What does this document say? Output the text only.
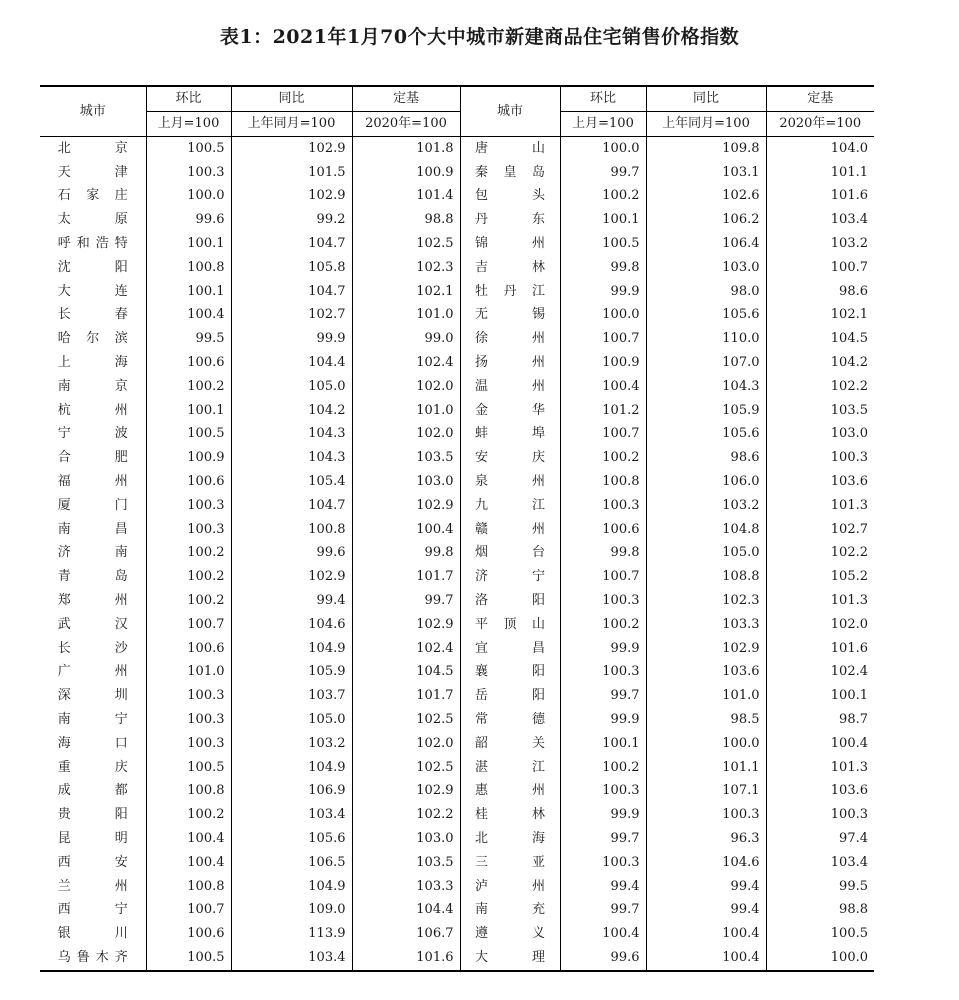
表1：2021年1月70个大中城市新建商品住宅销售价格指数
城市	环比	同比	定基	城市	环比	同比	定基
	上月=100	上年同月=100	2020年=100		上月=100	上年同月=100	2020年=100
北京	100.5	102.9	101.8	唐山	100.0	109.8	104.0
天津	100.3	101.5	100.9	秦皇岛	99.7	103.1	101.1
石家庄	100.0	102.9	101.4	包头	100.2	102.6	101.6
太原	99.6	99.2	98.8	丹东	100.1	106.2	103.4
呼和浩特	100.1	104.7	102.5	锦州	100.5	106.4	103.2
沈阳	100.8	105.8	102.3	吉林	99.8	103.0	100.7
大连	100.1	104.7	102.1	牡丹江	99.9	98.0	98.6
长春	100.4	102.7	101.0	无锡	100.0	105.6	102.1
哈尔滨	99.5	99.9	99.0	徐州	100.7	110.0	104.5
上海	100.6	104.4	102.4	扬州	100.9	107.0	104.2
南京	100.2	105.0	102.0	温州	100.4	104.3	102.2
杭州	100.1	104.2	101.0	金华	101.2	105.9	103.5
宁波	100.5	104.3	102.0	蚌埠	100.7	105.6	103.0
合肥	100.9	104.3	103.5	安庆	100.2	98.6	100.3
福州	100.6	105.4	103.0	泉州	100.8	106.0	103.6
厦门	100.3	104.7	102.9	九江	100.3	103.2	101.3
南昌	100.3	100.8	100.4	赣州	100.6	104.8	102.7
济南	100.2	99.6	99.8	烟台	99.8	105.0	102.2
青岛	100.2	102.9	101.7	济宁	100.7	108.8	105.2
郑州	100.2	99.4	99.7	洛阳	100.3	102.3	101.3
武汉	100.7	104.6	102.9	平顶山	100.2	103.3	102.0
长沙	100.6	104.9	102.4	宜昌	99.9	102.9	101.6
广州	101.0	105.9	104.5	襄阳	100.3	103.6	102.4
深圳	100.3	103.7	101.7	岳阳	99.7	101.0	100.1
南宁	100.3	105.0	102.5	常德	99.9	98.5	98.7
海口	100.3	103.2	102.0	韶关	100.1	100.0	100.4
重庆	100.5	104.9	102.5	湛江	100.2	101.1	101.3
成都	100.8	106.9	102.9	惠州	100.3	107.1	103.6
贵阳	100.2	103.4	102.2	桂林	99.9	100.3	100.3
昆明	100.4	105.6	103.0	北海	99.7	96.3	97.4
西安	100.4	106.5	103.5	三亚	100.3	104.6	103.4
兰州	100.8	104.9	103.3	泸州	99.4	99.4	99.5
西宁	100.7	109.0	104.4	南充	99.7	99.4	98.8
银川	100.6	113.9	106.7	遵义	100.4	100.4	100.5
乌鲁木齐	100.5	103.4	101.6	大理	99.6	100.4	100.0
